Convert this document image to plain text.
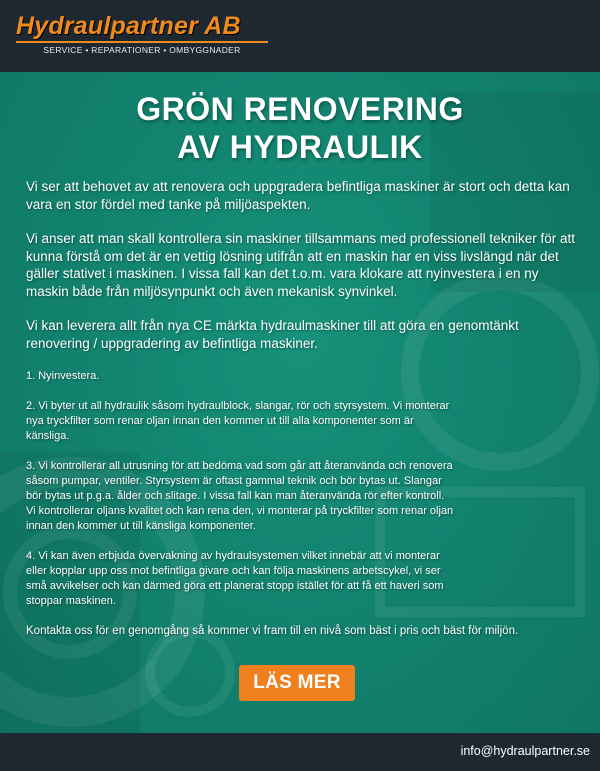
Hydraulpartner AB
SERVICE • REPARATIONER • OMBYGGNADER
GRÖN RENOVERING
AV HYDRAULIK

Vi ser att behovet av att renovera och uppgradera befintliga maskiner är stort och detta kan vara en stor fördel med tanke på miljöaspekten.

Vi anser att man skall kontrollera sin maskiner tillsammans med professionell tekniker för att kunna förstå om det är en vettig lösning utifrån att en maskin har en viss livslängd när det gäller stativet i maskinen. I vissa fall kan det t.o.m. vara klokare att nyinvestera i en ny maskin både från miljösynpunkt och även mekanisk synvinkel.

Vi kan leverera allt från nya CE märkta hydraulmaskiner till att göra en genomtänkt renovering / uppgradering av befintliga maskiner.

1. Nyinvestera.

2. Vi byter ut all hydraulik såsom hydraulblock, slangar, rör och styrsystem. Vi monterar nya tryckfilter som renar oljan innan den kommer ut till alla komponenter som är känsliga.

3. Vi kontrollerar all utrusning för att bedöma vad som går att återanvända och renovera såsom pumpar, ventiler. Styrsystem är oftast gammal teknik och bör bytas ut. Slangar bör bytas ut p.g.a. ålder och slitage. I vissa fall kan man återanvända rör efter kontroll. Vi kontrollerar oljans kvalitet och kan rena den, vi monterar på tryckfilter som renar oljan innan den kommer ut till känsliga komponenter.

4. Vi kan även erbjuda övervakning av hydraulsystemen vilket innebär att vi monterar eller kopplar upp oss mot befintliga givare och kan följa maskinens arbetscykel, vi ser små avvikelser och kan därmed göra ett planerat stopp istället för att få ett haveri som stoppar maskinen.

Kontakta oss för en genomgång så kommer vi fram till en nivå som bäst i pris och bäst för miljön.

LÄS MER
info@hydraulpartner.se
